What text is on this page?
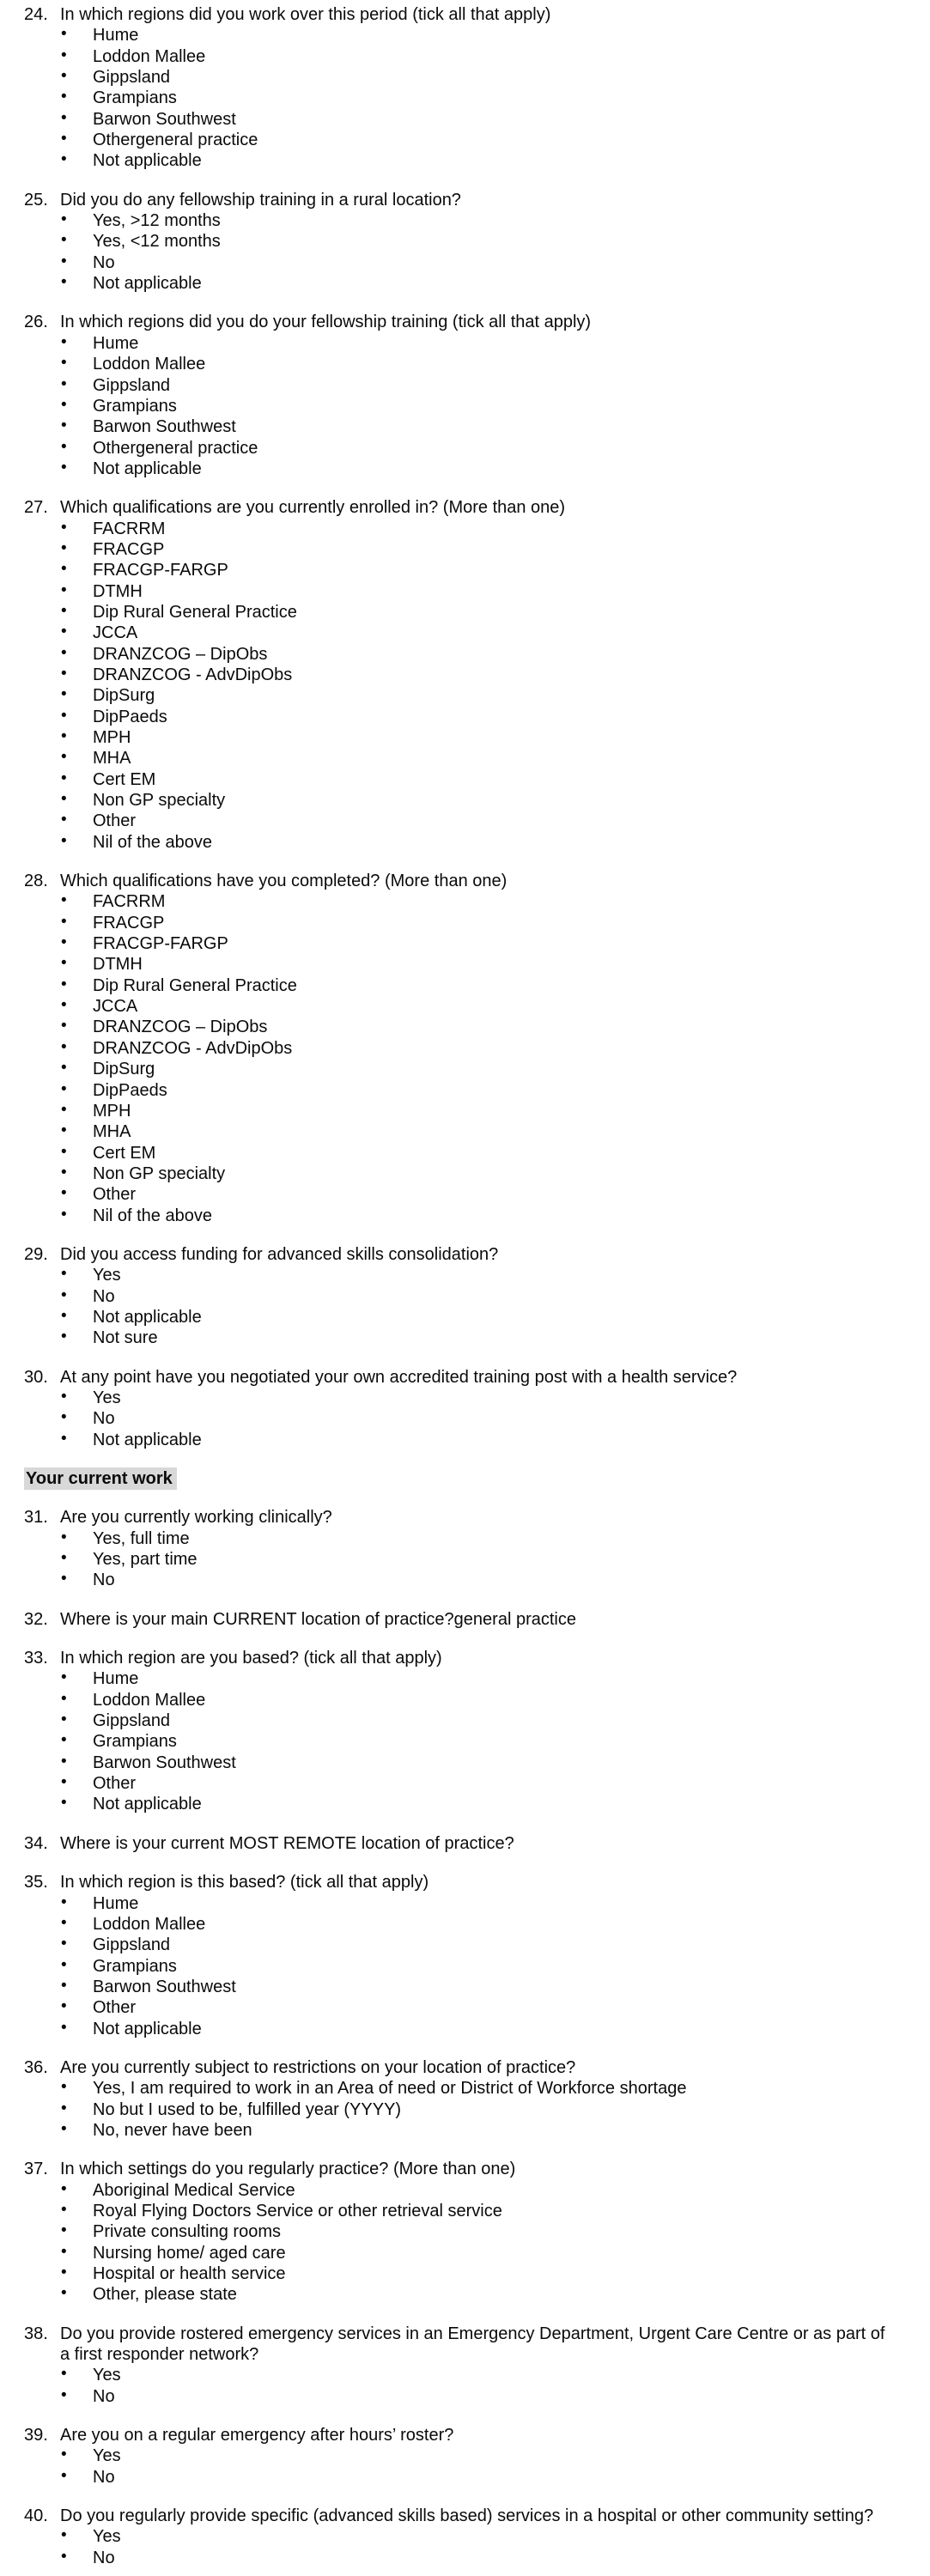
24. In which regions did you work over this period (tick all that apply)
• Hume
• Loddon Mallee
• Gippsland
• Grampians
• Barwon Southwest
• Othergeneral practice
• Not applicable
25. Did you do any fellowship training in a rural location?
• Yes, >12 months
• Yes, <12 months
• No
• Not applicable
26. In which regions did you do your fellowship training (tick all that apply)
• Hume
• Loddon Mallee
• Gippsland
• Grampians
• Barwon Southwest
• Othergeneral practice
• Not applicable
27. Which qualifications are you currently enrolled in? (More than one)
• FACRRM
• FRACGP
• FRACGP-FARGP
• DTMH
• Dip Rural General Practice
• JCCA
• DRANZCOG – DipObs
• DRANZCOG - AdvDipObs
• DipSurg
• DipPaeds
• MPH
• MHA
• Cert EM
• Non GP specialty
• Other
• Nil of the above
28. Which qualifications have you completed? (More than one)
• FACRRM
• FRACGP
• FRACGP-FARGP
• DTMH
• Dip Rural General Practice
• JCCA
• DRANZCOG – DipObs
• DRANZCOG - AdvDipObs
• DipSurg
• DipPaeds
• MPH
• MHA
• Cert EM
• Non GP specialty
• Other
• Nil of the above
29. Did you access funding for advanced skills consolidation?
• Yes
• No
• Not applicable
• Not sure
30. At any point have you negotiated your own accredited training post with a health service?
• Yes
• No
• Not applicable
Your current work
31. Are you currently working clinically?
• Yes, full time
• Yes, part time
• No
32. Where is your main CURRENT location of practice?general practice
33. In which region are you based? (tick all that apply)
• Hume
• Loddon Mallee
• Gippsland
• Grampians
• Barwon Southwest
• Other
• Not applicable
34. Where is your current MOST REMOTE location of practice?
35. In which region is this based? (tick all that apply)
• Hume
• Loddon Mallee
• Gippsland
• Grampians
• Barwon Southwest
• Other
• Not applicable
36. Are you currently subject to restrictions on your location of practice?
• Yes, I am required to work in an Area of need or District of Workforce shortage
• No but I used to be, fulfilled year (YYYY)
• No, never have been
37. In which settings do you regularly practice? (More than one)
• Aboriginal Medical Service
• Royal Flying Doctors Service or other retrieval service
• Private consulting rooms
• Nursing home/ aged care
• Hospital or health service
• Other, please state
38. Do you provide rostered emergency services in an Emergency Department, Urgent Care Centre or as part of a first responder network?
• Yes
• No
39. Are you on a regular emergency after hours’ roster?
• Yes
• No
40. Do you regularly provide specific (advanced skills based) services in a hospital or other community setting?
• Yes
• No
